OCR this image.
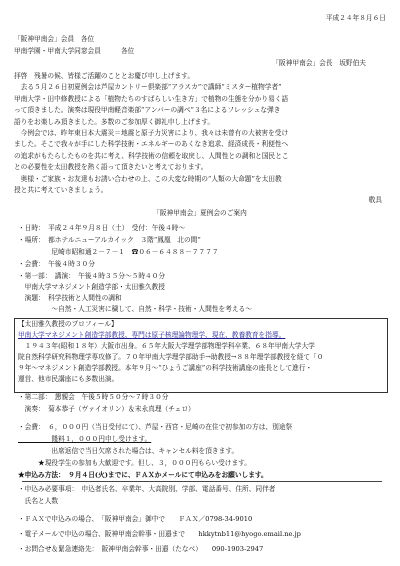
平成２４年８月６日
「阪神甲南会」会員　各位
甲南学園・甲南大学同窓会員　　　各位
「阪神甲南会」会長　坂野伯夫
拝啓　残暑の候、皆様ご活躍のこととお慶び申し上げます。
　去る５月２６日初夏例会は芦屋カントリー倶楽部“アラスカ”で講師“ミスター植物学者”
甲南大学・田中修教授による「植物たちのすばらしい生き方」で植物の生態を分かり易く語
って頂きました。演奏は現役甲南軽音楽部“アンバーの調べ”３名によるフレッシュな弾き
語りをお楽しみ頂きました。多数のご参加厚く御礼申し上げます。
　今例会では、昨年東日本大震災＝地震と原子力災害により、我々は未曾有の大被害を受け
ました。そこで我々が手にした科学技術・エネルギーのあくなき追求、経済成長・利便性へ
の追求がもたらしたものを共に考え、科学技術の信頼を取戻し、人間性との調和と国民とこ
との必要性を太田教授を熱く語って頂きたいと考えております。
　奥様・ご家族・お友達もお誘い合わせの上、この大変な時期の“人類の大命題”を太田教
授と共に考えていきましょう。
敬具
「阪神甲南会」夏例会のご案内
・日時：　平成２４年９月８日（土）　受付：午後４時～
・場所：　都ホテルニューアルカイック　３階“鳳凰　北の間”
　　　　　尼崎市昭和通２－７－１　☎０６－６４８８－７７７７
・会費：　午後４時３０分
・第一部：　講演：　午後４時３５分～５時４０分
　甲南大学マネジメント創造学部・太田雅久教授
　演題：　科学技術と人間性の調和
　　　　　～自然・人工災害に穢して、自然・科学・技術・人間性を考える～
【太田雅久教授のプロフィール】
甲南大学マネジメント創造学部教授、専門は原子核理論物理学、現在、教養教育を指導。
　１９４３年(昭和１８年）大阪市出身。６５年大阪大学理学部物理学科卒業、６８年甲南大学大学
院自然科学研究科物理学専攻修了。７０年甲南大学理学部助手→助教授→８８年理学部教授を経て「０
９年～マネジメント創造学部教授。本年９月～“ひょうご講座”の科学技術講座の座長として進行・
運営、他市民講座にも多数出演。
・第二部：　懇親会　午後５時５０分～７時３０分
　演奏：　菊本恭子（ヴァイオリン）＆末永真理（チェロ）
・会費：　６，０００円（当日受付にて）、芦屋・西宮・尼崎の在住で初参加の方は、別途祭
　　　　　餞料１，０００円申し受けます。
　　　　　出席返信で当日欠席された場合は、キャンセル料を頂きます。
　　　★現役学生の参加も大歓迎です。但し、３，０００円もらい受けます。
★申込み方法：　９月４日(火)までに、ＦＡＸかメールにて申込みをお願いします。
・申込み必要事項：　申込者氏名、卒業年、大高院別、学部、電話番号、住所、同伴者
　氏名と人数
・ＦＡＸで申込みの場合、　「阪神甲南会」御中で　　ＦＡＸ／0798-34-9010
・電子メールで申込の場合、阪神甲南会幹事・田邉まで　　hkkytnb11@hyogo.email.ne.jp
・お問合せ＆緊急連絡先：　阪神甲南会幹事・田邉（たなべ）　　090-1903-2947
